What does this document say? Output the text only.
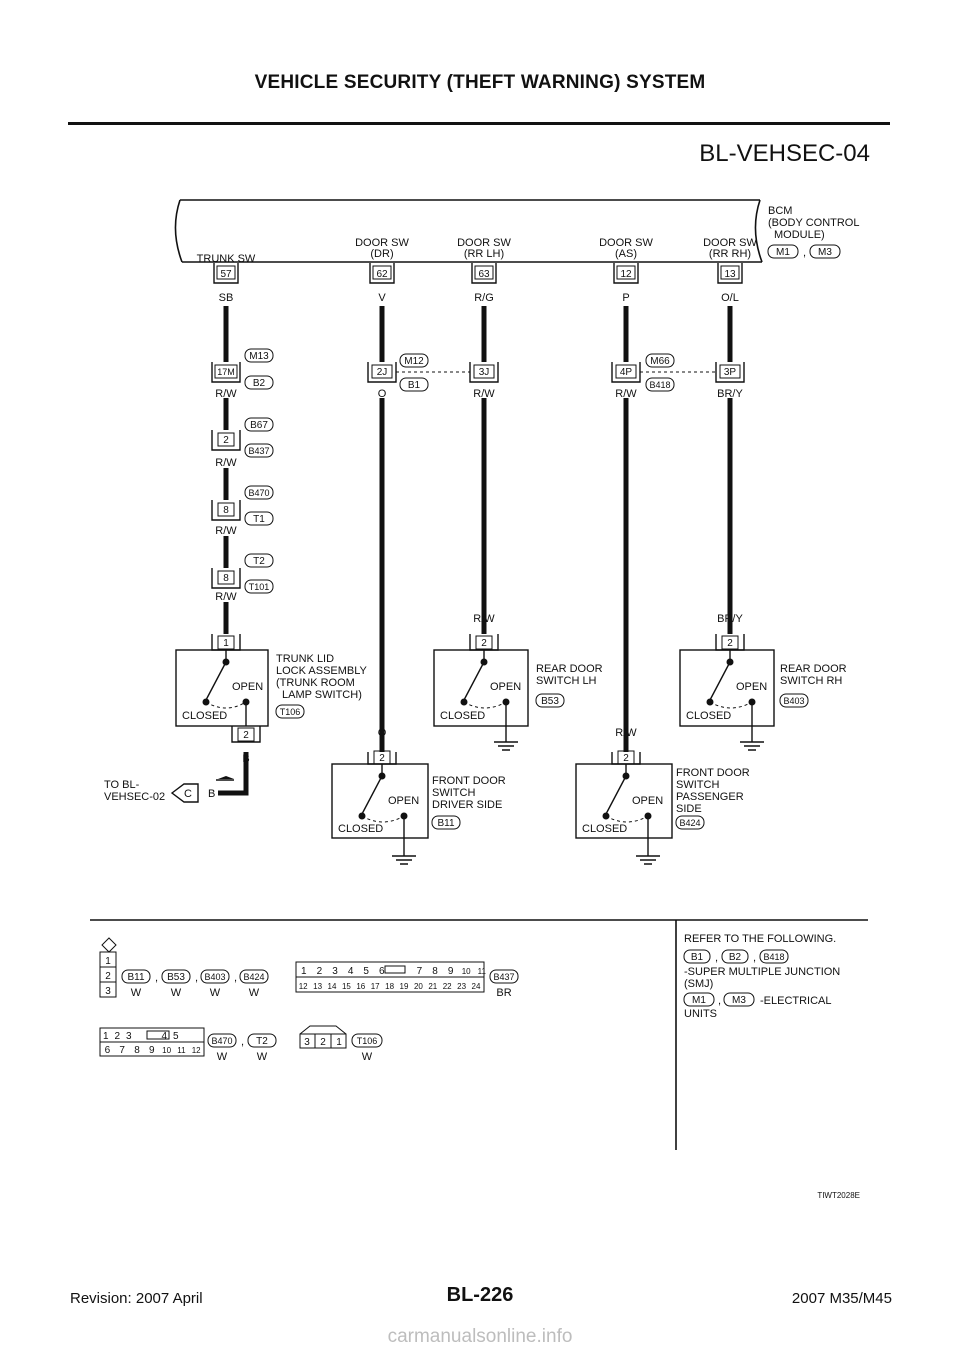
VEHICLE SECURITY (THEFT WARNING) SYSTEM
BL-VEHSEC-04
BCM (BODY CONTROL MODULE)
M1 , M3
TRUNK SW
DOOR SW (DR)
DOOR SW (RR LH)
DOOR SW (AS)
DOOR SW (RR RH)
57	62	63	12	13
SB	V	R/G	P	O/L
17M
M13
B2
R/W
2
B67
B437
R/W
8
B470
T1
R/W
8
T2
T101
R/W
2J	3J
M12
B1
O	R/W
4P	3P
M66
B418
R/W	BR/Y
1
OPEN
CLOSED
2
B
TRUNK LID LOCK ASSEMBLY (TRUNK ROOM LAMP SWITCH)
T106
TO BL-VEHSEC-02 C B
R/W
2
OPEN
CLOSED
REAR DOOR SWITCH LH
B53
BR/Y
2
OPEN
CLOSED
REAR DOOR SWITCH RH
B403
O
2
OPEN
CLOSED
FRONT DOOR SWITCH DRIVER SIDE
B11
R/W
2
OPEN
CLOSED
FRONT DOOR SWITCH PASSENGER SIDE
B424
1
2
3
B11 , B53 , B403 , B424
W	W	W	W
B437
BR
1 2 3 4 5 6	7 8 9 10 11
12 13 14 15 16 17 18 19 20 21 22 23 24
B470 , T2
W	W
1 2 3	4 5
6 7 8 9 10 11 12
3 2 1 T106
W
REFER TO THE FOLLOWING.
B1 , B2 , B418
-SUPER MULTIPLE JUNCTION (SMJ)
M1 , M3	-ELECTRICAL UNITS
TIWT2028E
Revision: 2007 April	BL-226	2007 M35/M45
carmanualsonline.info
